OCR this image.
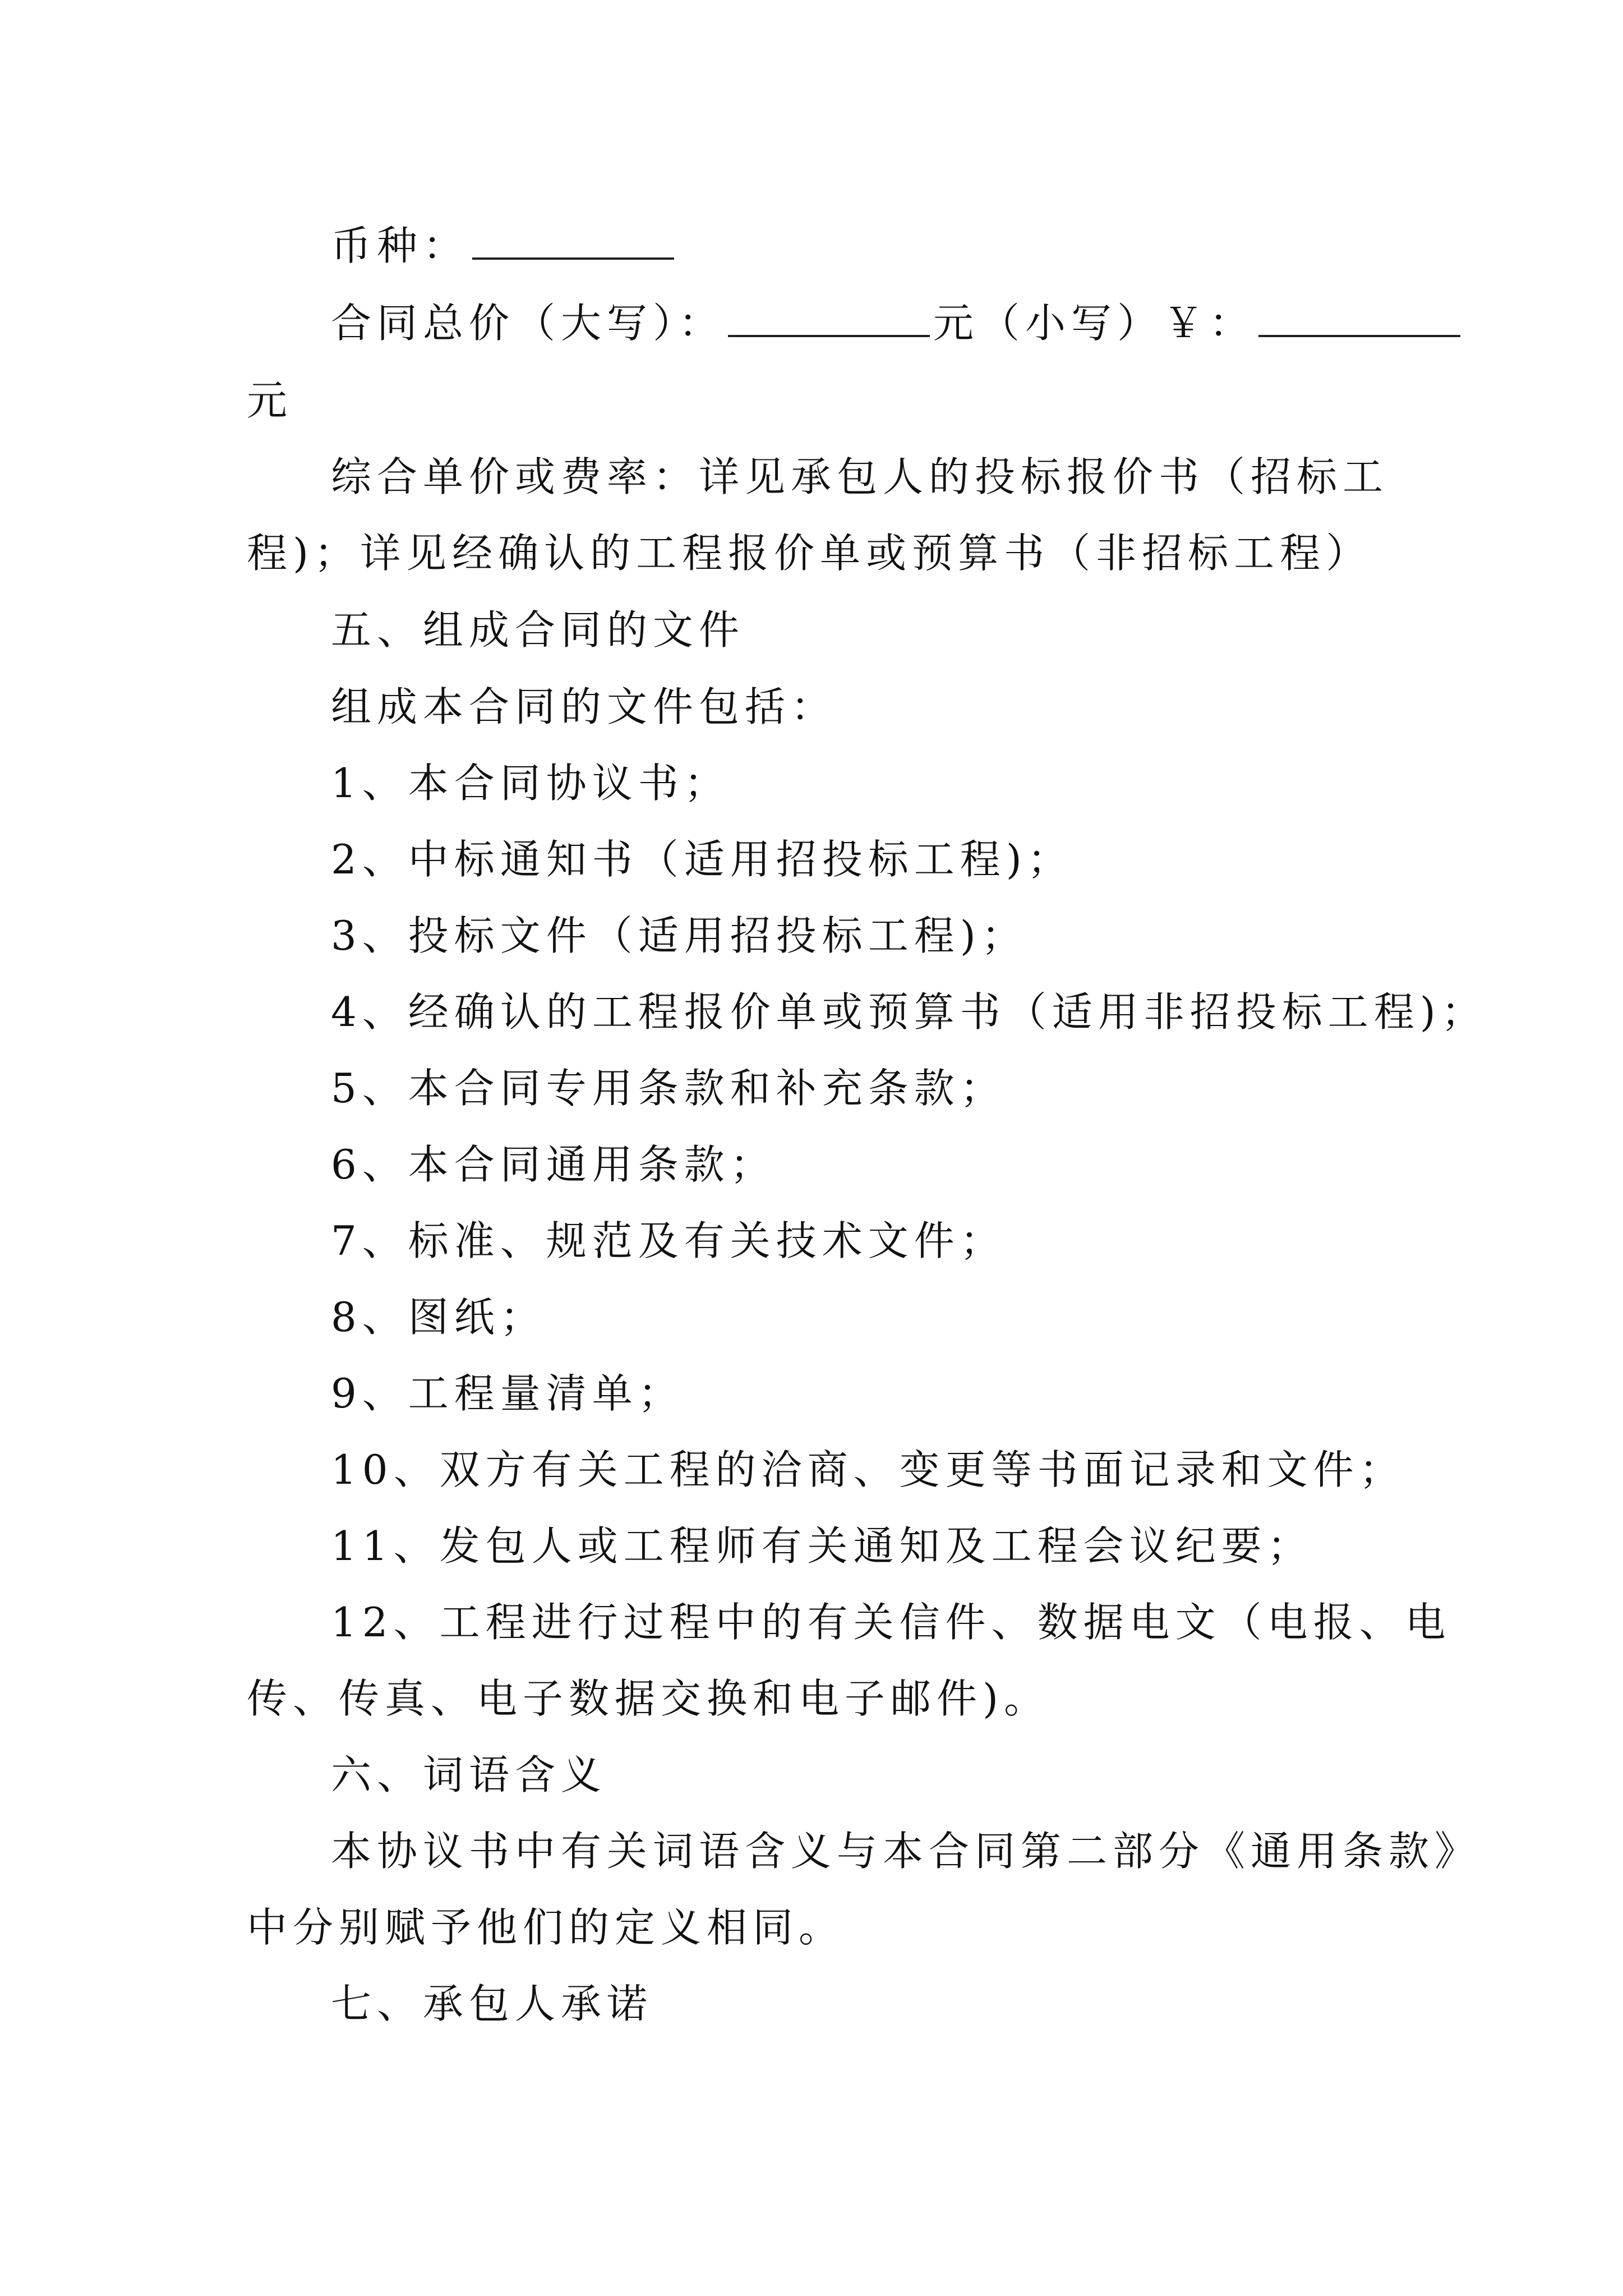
币种：
合同总价（大写）：	元（小写）￥：
元
综合单价或费率：详见承包人的投标报价书（招标工
程)；详见经确认的工程报价单或预算书（非招标工程）
五、组成合同的文件
组成本合同的文件包括：
1、本合同协议书；
2、中标通知书（适用招投标工程)；
3、投标文件（适用招投标工程)；
4、经确认的工程报价单或预算书（适用非招投标工程)；
5、本合同专用条款和补充条款；
6、本合同通用条款；
7、标准、规范及有关技术文件；
8、图纸；
9、工程量清单；
10、双方有关工程的洽商、变更等书面记录和文件；
11、发包人或工程师有关通知及工程会议纪要；
12、工程进行过程中的有关信件、数据电文（电报、电
传、传真、电子数据交换和电子邮件)。
六、词语含义
本协议书中有关词语含义与本合同第二部分《通用条款》
中分别赋予他们的定义相同。
七、承包人承诺
